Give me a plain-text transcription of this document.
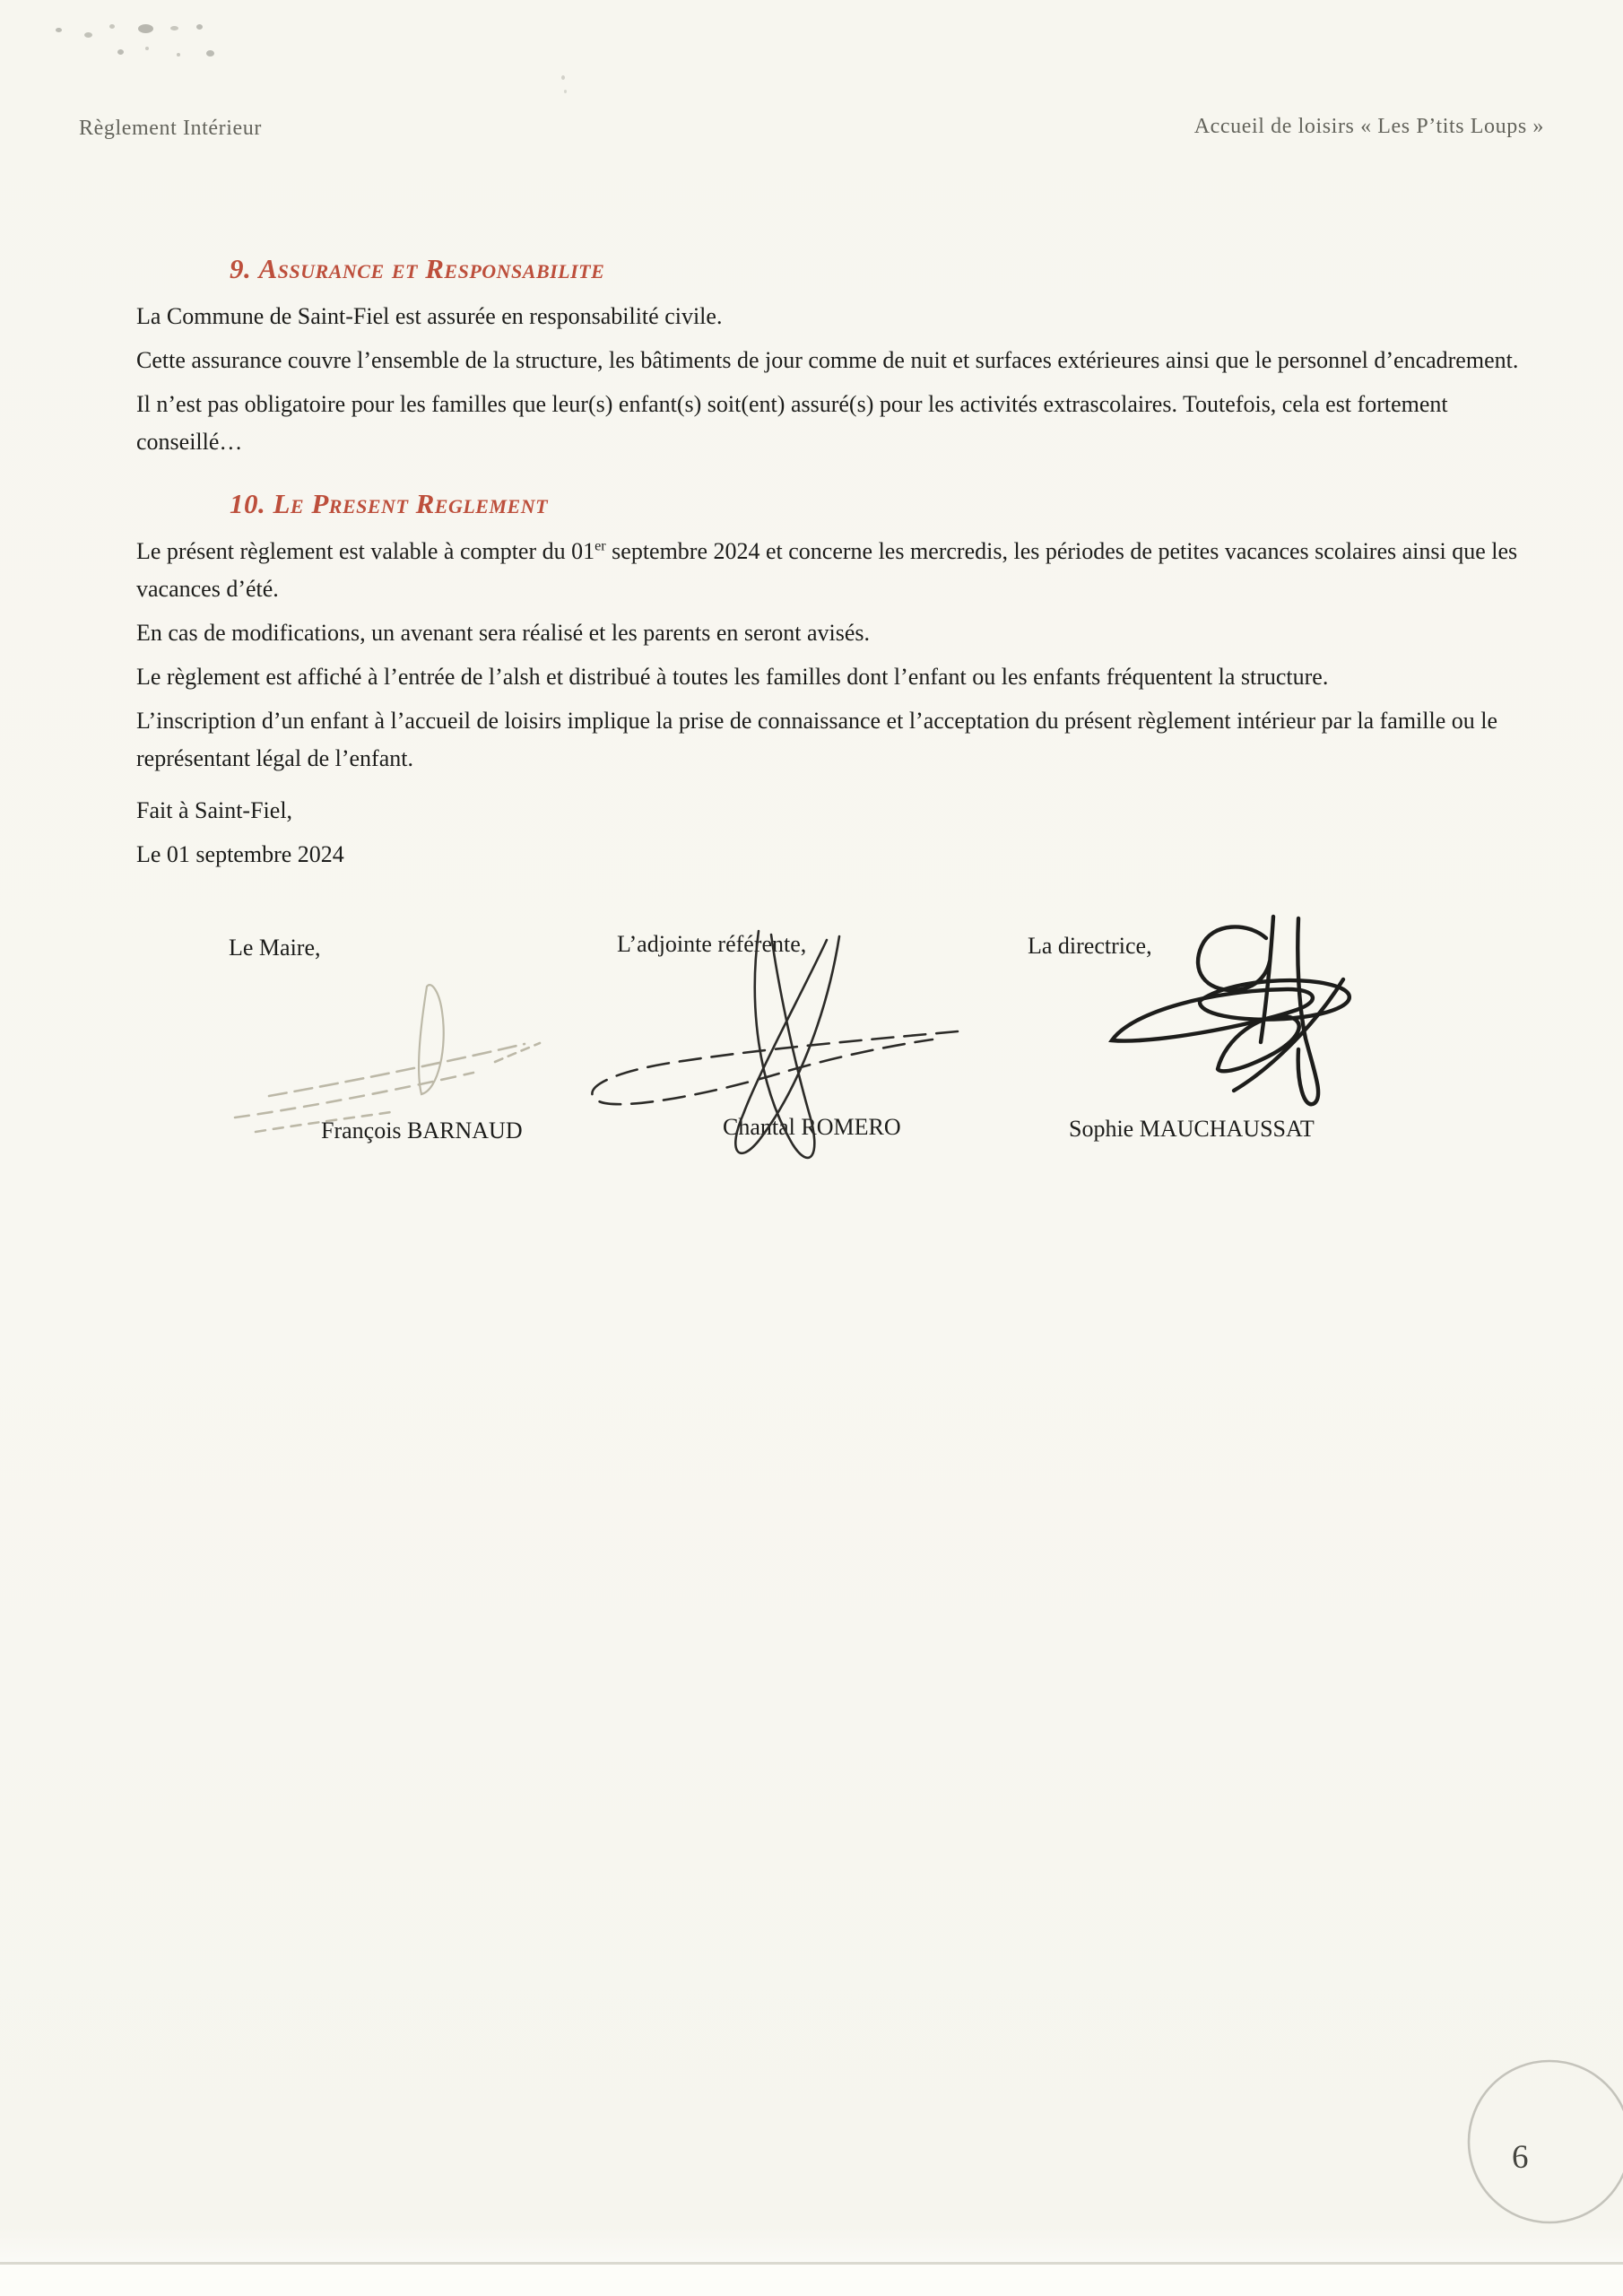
Règlement Intérieur	Accueil de loisirs « Les P’tits Loups »
9. Assurance et Responsabilite

La Commune de Saint-Fiel est assurée en responsabilité civile.

Cette assurance couvre l’ensemble de la structure, les bâtiments de jour comme de nuit et surfaces extérieures ainsi que le personnel d’encadrement.

Il n’est pas obligatoire pour les familles que leur(s) enfant(s) soit(ent) assuré(s) pour les activités extrascolaires. Toutefois, cela est fortement conseillé…

10. Le Present Reglement

Le présent règlement est valable à compter du 01er septembre 2024 et concerne les mercredis, les périodes de petites vacances scolaires ainsi que les vacances d’été.

En cas de modifications, un avenant sera réalisé et les parents en seront avisés.

Le règlement est affiché à l’entrée de l’alsh et distribué à toutes les familles dont l’enfant ou les enfants fréquentent la structure.

L’inscription d’un enfant à l’accueil de loisirs implique la prise de connaissance et l’acceptation du présent règlement intérieur par la famille ou le représentant légal de l’enfant.

Fait à Saint-Fiel,

Le 01 septembre 2024

Le Maire,	L’adjointe référente,	La directrice,
François BARNAUD	Chantal ROMERO	Sophie MAUCHAUSSAT
6
